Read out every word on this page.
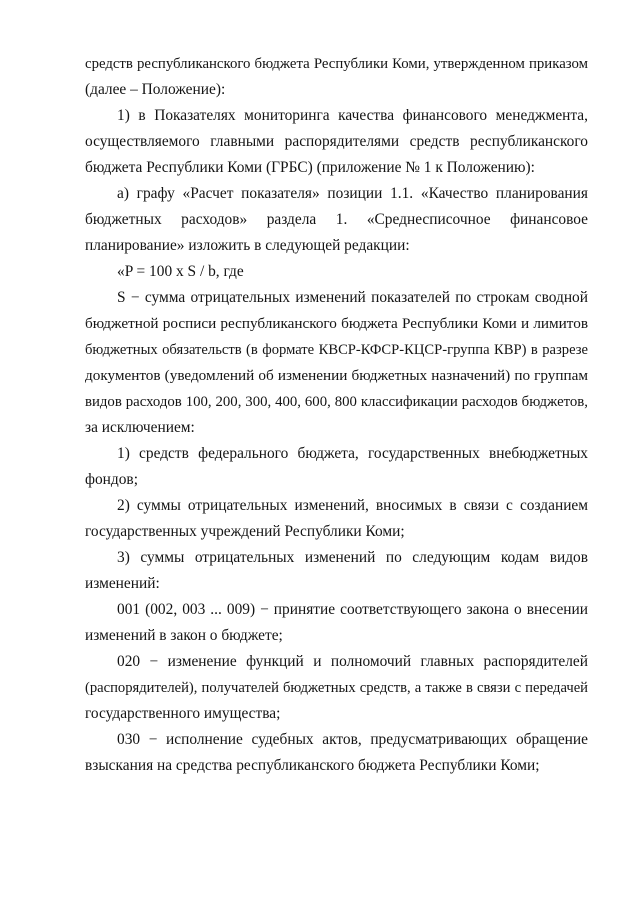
средств республиканского бюджета Республики Коми, утвержденном приказом
(далее – Положение):
1) в Показателях мониторинга качества финансового менеджмента,
осуществляемого главными распорядителями средств республиканского
бюджета Республики Коми (ГРБС) (приложение № 1 к Положению):
а) графу «Расчет показателя» позиции 1.1. «Качество планирования
бюджетных расходов» раздела 1. «Среднесписочное финансовое
планирование» изложить в следующей редакции:
«P = 100 x S / b, где
S − сумма отрицательных изменений показателей по строкам сводной
бюджетной росписи республиканского бюджета Республики Коми и лимитов
бюджетных обязательств (в формате КВСР-КФСР-КЦСР-группа КВР) в разрезе
документов (уведомлений об изменении бюджетных назначений) по группам
видов расходов 100, 200, 300, 400, 600, 800 классификации расходов бюджетов,
за исключением:
1) средств федерального бюджета, государственных внебюджетных
фондов;
2) суммы отрицательных изменений, вносимых в связи с созданием
государственных учреждений Республики Коми;
3) суммы отрицательных изменений по следующим кодам видов
изменений:
001 (002, 003 ... 009) − принятие соответствующего закона о внесении
изменений в закон о бюджете;
020 − изменение функций и полномочий главных распорядителей
(распорядителей), получателей бюджетных средств, а также в связи с передачей
государственного имущества;
030 − исполнение судебных актов, предусматривающих обращение
взыскания на средства республиканского бюджета Республики Коми;
